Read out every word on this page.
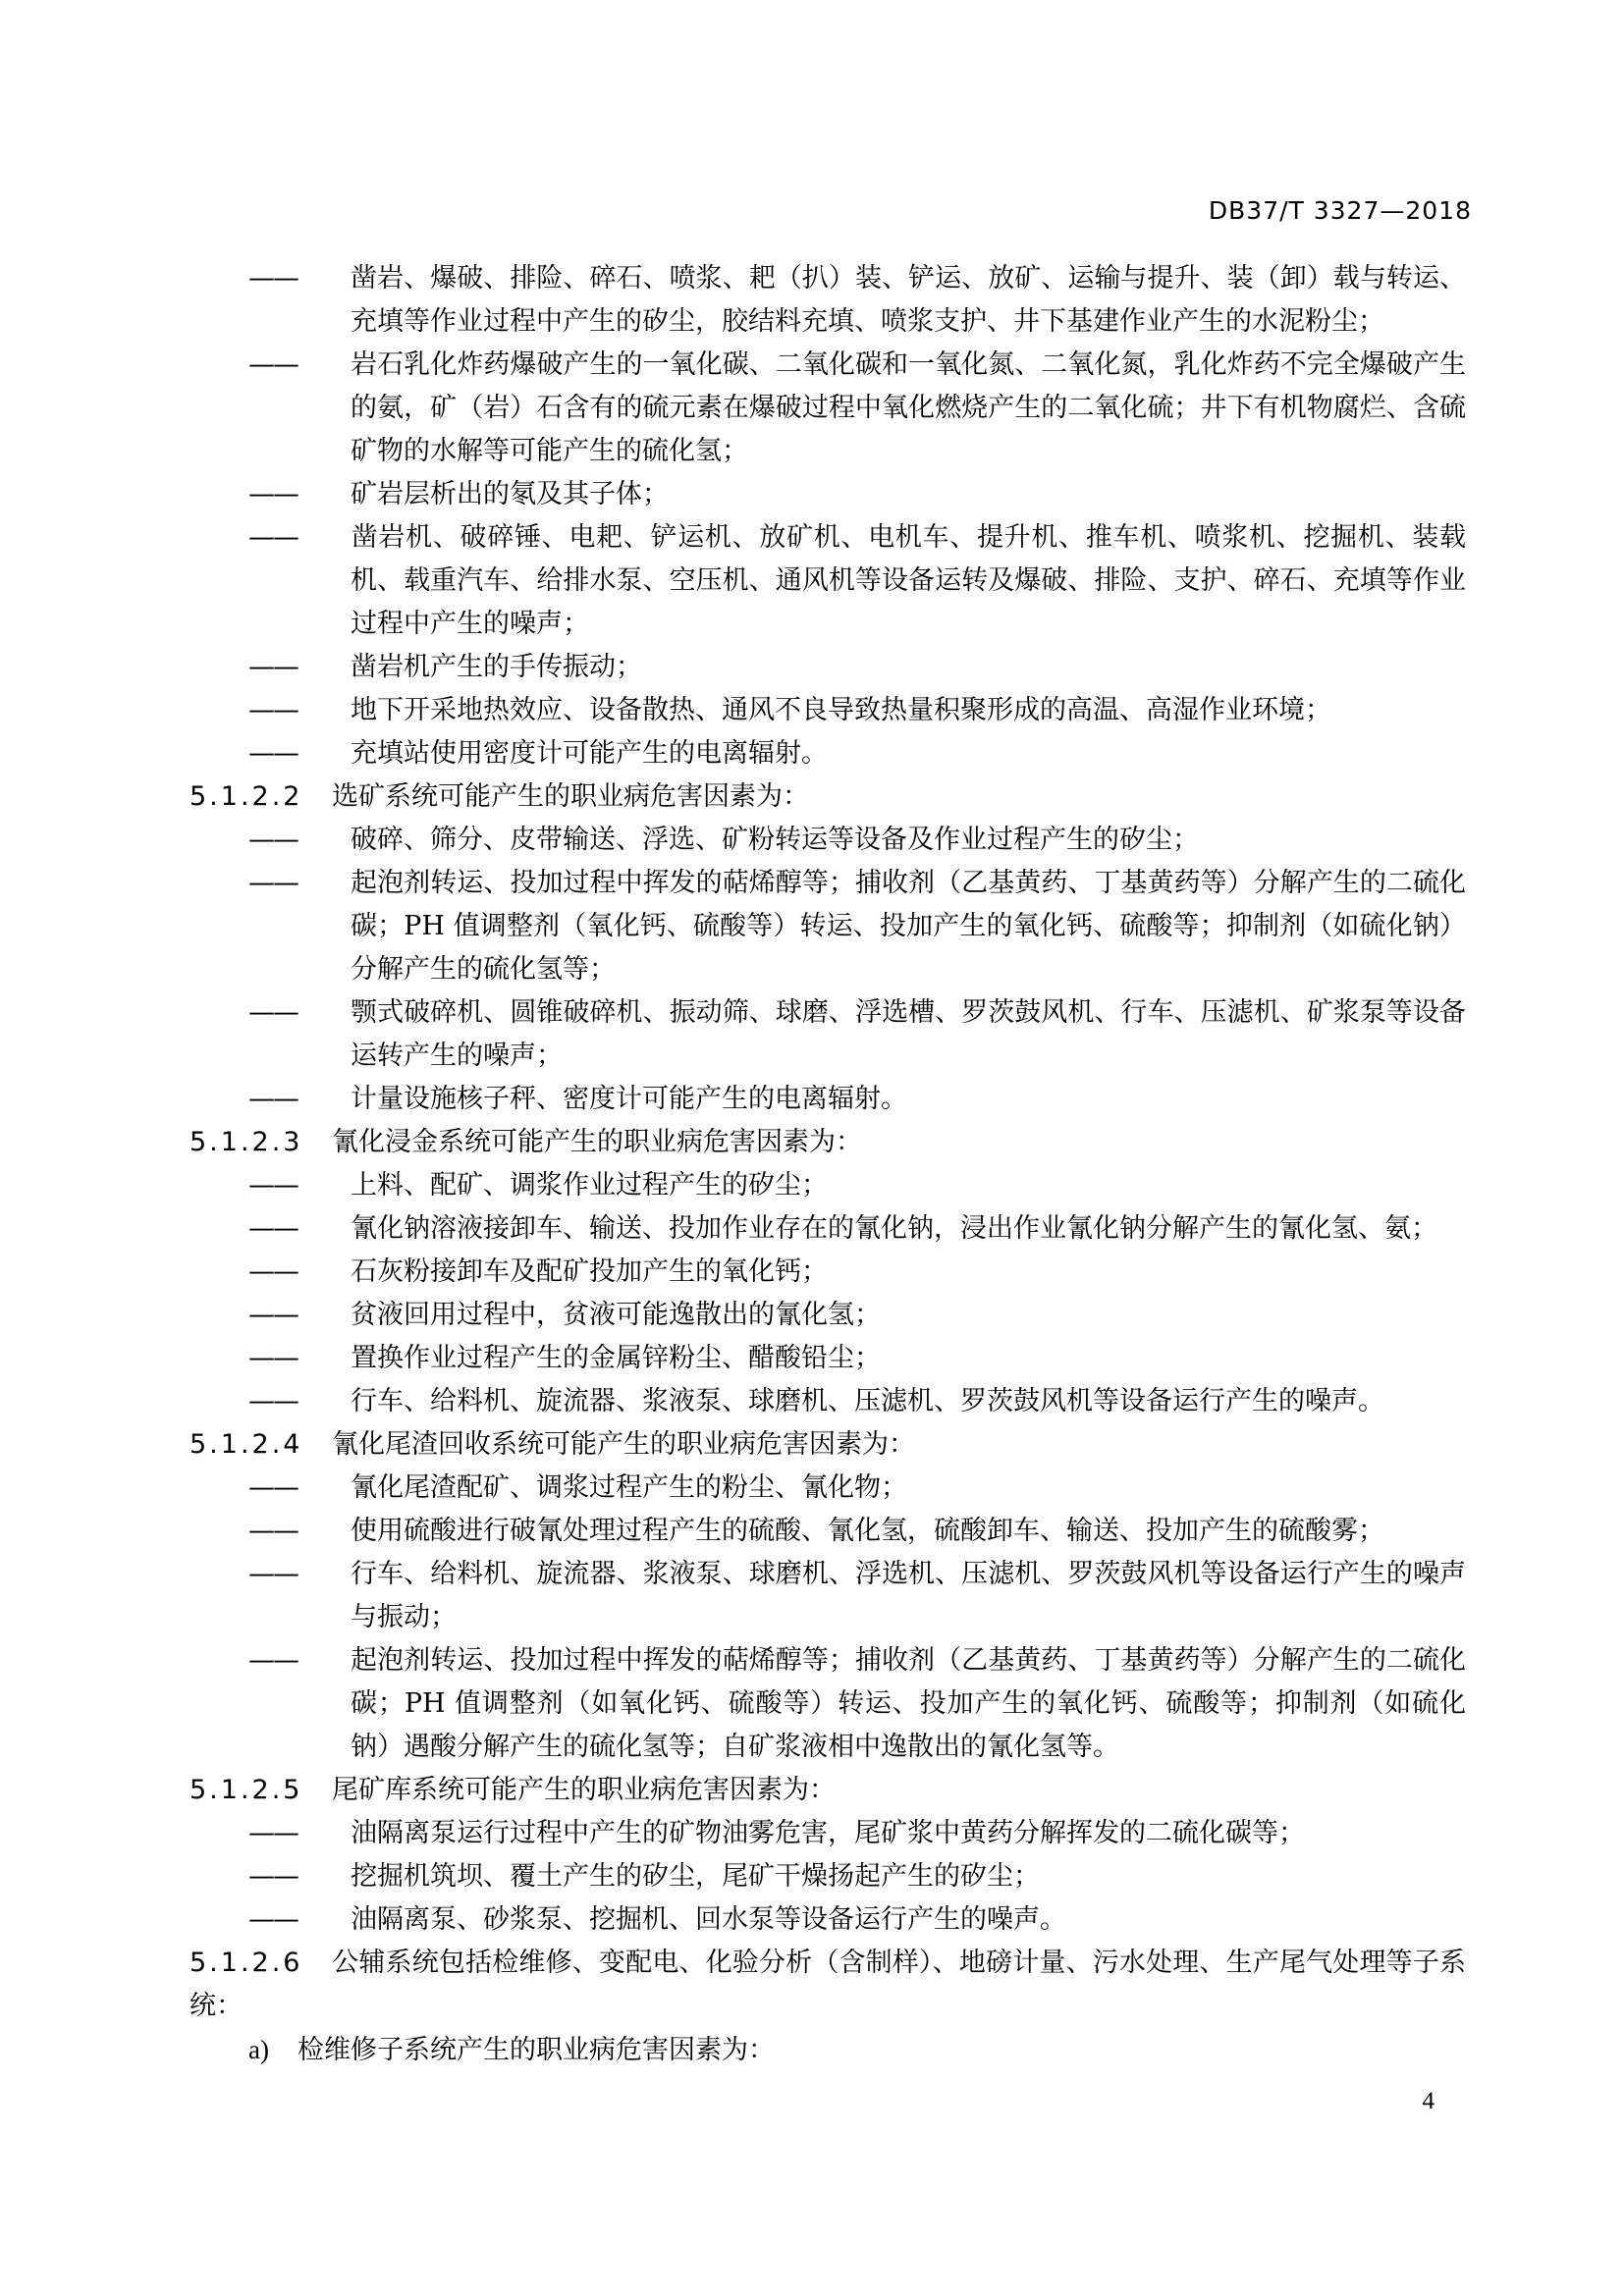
DB37/T 3327—2018
—— 凿岩、爆破、排险、碎石、喷浆、耙（扒）装、铲运、放矿、运输与提升、装（卸）载与转运、充填等作业过程中产生的矽尘，胶结料充填、喷浆支护、井下基建作业产生的水泥粉尘；
—— 岩石乳化炸药爆破产生的一氧化碳、二氧化碳和一氧化氮、二氧化氮，乳化炸药不完全爆破产生的氨，矿（岩）石含有的硫元素在爆破过程中氧化燃烧产生的二氧化硫；井下有机物腐烂、含硫矿物的水解等可能产生的硫化氢；
—— 矿岩层析出的氡及其子体；
—— 凿岩机、破碎锤、电耙、铲运机、放矿机、电机车、提升机、推车机、喷浆机、挖掘机、装载机、载重汽车、给排水泵、空压机、通风机等设备运转及爆破、排险、支护、碎石、充填等作业过程中产生的噪声；
—— 凿岩机产生的手传振动；
—— 地下开采地热效应、设备散热、通风不良导致热量积聚形成的高温、高湿作业环境；
—— 充填站使用密度计可能产生的电离辐射。
5.1.2.2 选矿系统可能产生的职业病危害因素为：
—— 破碎、筛分、皮带输送、浮选、矿粉转运等设备及作业过程产生的矽尘；
—— 起泡剂转运、投加过程中挥发的萜烯醇等；捕收剂（乙基黄药、丁基黄药等）分解产生的二硫化碳；PH 值调整剂（氧化钙、硫酸等）转运、投加产生的氧化钙、硫酸等；抑制剂（如硫化钠）分解产生的硫化氢等；
—— 颚式破碎机、圆锥破碎机、振动筛、球磨、浮选槽、罗茨鼓风机、行车、压滤机、矿浆泵等设备运转产生的噪声；
—— 计量设施核子秤、密度计可能产生的电离辐射。
5.1.2.3 氰化浸金系统可能产生的职业病危害因素为：
—— 上料、配矿、调浆作业过程产生的矽尘；
—— 氰化钠溶液接卸车、输送、投加作业存在的氰化钠，浸出作业氰化钠分解产生的氰化氢、氨；
—— 石灰粉接卸车及配矿投加产生的氧化钙；
—— 贫液回用过程中，贫液可能逸散出的氰化氢；
—— 置换作业过程产生的金属锌粉尘、醋酸铅尘；
—— 行车、给料机、旋流器、浆液泵、球磨机、压滤机、罗茨鼓风机等设备运行产生的噪声。
5.1.2.4 氰化尾渣回收系统可能产生的职业病危害因素为：
—— 氰化尾渣配矿、调浆过程产生的粉尘、氰化物；
—— 使用硫酸进行破氰处理过程产生的硫酸、氰化氢，硫酸卸车、输送、投加产生的硫酸雾；
—— 行车、给料机、旋流器、浆液泵、球磨机、浮选机、压滤机、罗茨鼓风机等设备运行产生的噪声与振动；
—— 起泡剂转运、投加过程中挥发的萜烯醇等；捕收剂（乙基黄药、丁基黄药等）分解产生的二硫化碳；PH 值调整剂（如氧化钙、硫酸等）转运、投加产生的氧化钙、硫酸等；抑制剂（如硫化钠）遇酸分解产生的硫化氢等；自矿浆液相中逸散出的氰化氢等。
5.1.2.5 尾矿库系统可能产生的职业病危害因素为：
—— 油隔离泵运行过程中产生的矿物油雾危害，尾矿浆中黄药分解挥发的二硫化碳等；
—— 挖掘机筑坝、覆土产生的矽尘，尾矿干燥扬起产生的矽尘；
—— 油隔离泵、砂浆泵、挖掘机、回水泵等设备运行产生的噪声。
5.1.2.6 公辅系统包括检维修、变配电、化验分析（含制样）、地磅计量、污水处理、生产尾气处理等子系统：
a) 检维修子系统产生的职业病危害因素为：
4
